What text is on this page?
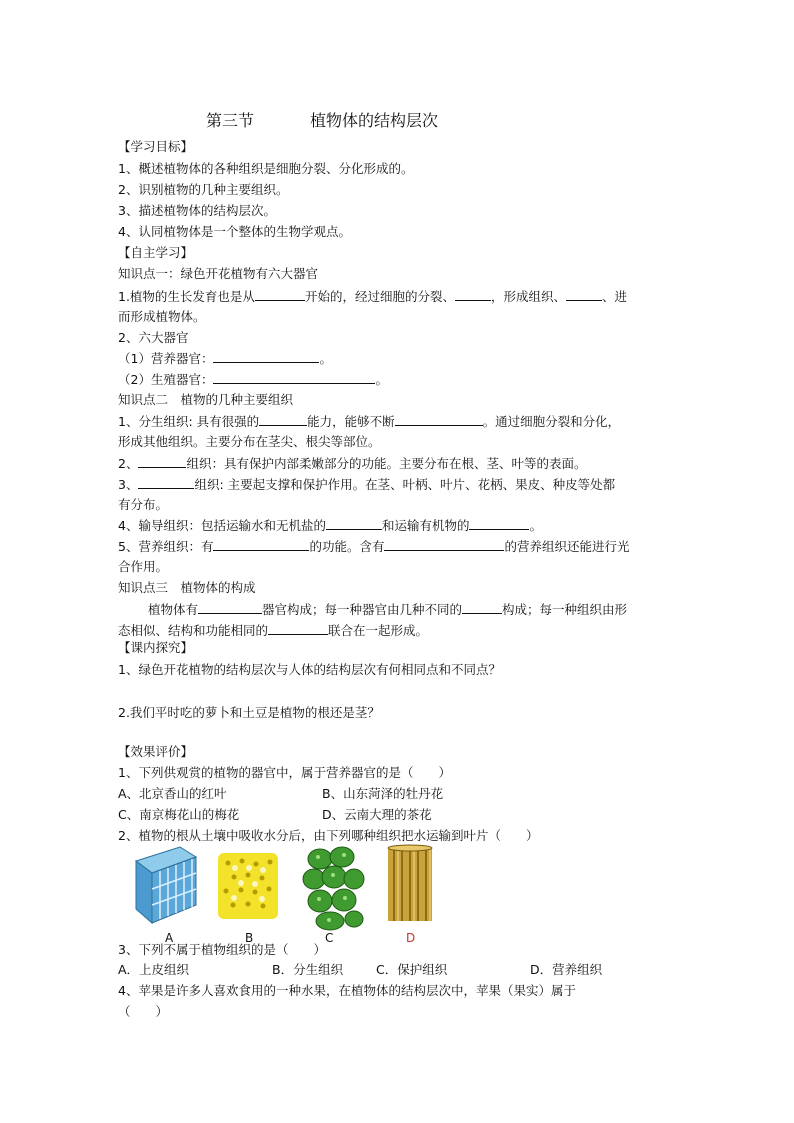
第三节	植物体的结构层次
【学习目标】
1、概述植物体的各种组织是细胞分裂、分化形成的。
2、识别植物的几种主要组织。
3、描述植物体的结构层次。
4、认同植物体是一个整体的生物学观点。
【自主学习】
知识点一：绿色开花植物有六大器官
1.植物的生长发育也是从	开始的，经过细胞的分裂、	，形成组织、	、进
而形成植物体。
2、六大器官
（1）营养器官：	。
（2）生殖器官：	。
知识点二　植物的几种主要组织
1、分生组织: 具有很强的	能力，能够不断	。通过细胞分裂和分化，
形成其他组织。主要分布在茎尖、根尖等部位。
2、	组织：具有保护内部柔嫩部分的功能。主要分布在根、茎、叶等的表面。
3、	组织: 主要起支撑和保护作用。在茎、叶柄、叶片、花柄、果皮、种皮等处都
有分布。
4、输导组织：包括运输水和无机盐的	和运输有机物的	。
5、营养组织：有	的功能。含有	的营养组织还能进行光
合作用。
知识点三　植物体的构成
植物体有	器官构成；每一种器官由几种不同的	构成；每一种组织由形
态相似、结构和功能相同的	联合在一起形成。
【课内探究】
1、绿色开花植物的结构层次与人体的结构层次有何相同点和不同点？
2.我们平时吃的萝卜和土豆是植物的根还是茎？
【效果评价】
1、下列供观赏的植物的器官中，属于营养器官的是（　　）
A、北京香山的红叶	B、山东菏泽的牡丹花
C、南京梅花山的梅花	D、云南大理的茶花
2、植物的根从土壤中吸收水分后，由下列哪种组织把水运输到叶片（　　）
A	B	C	D
3、下列不属于植物组织的是（　　）
A．上皮组织	B．分生组织	C．保护组织	D．营养组织
4、苹果是许多人喜欢食用的一种水果，在植物体的结构层次中，苹果（果实）属于
（　　）
